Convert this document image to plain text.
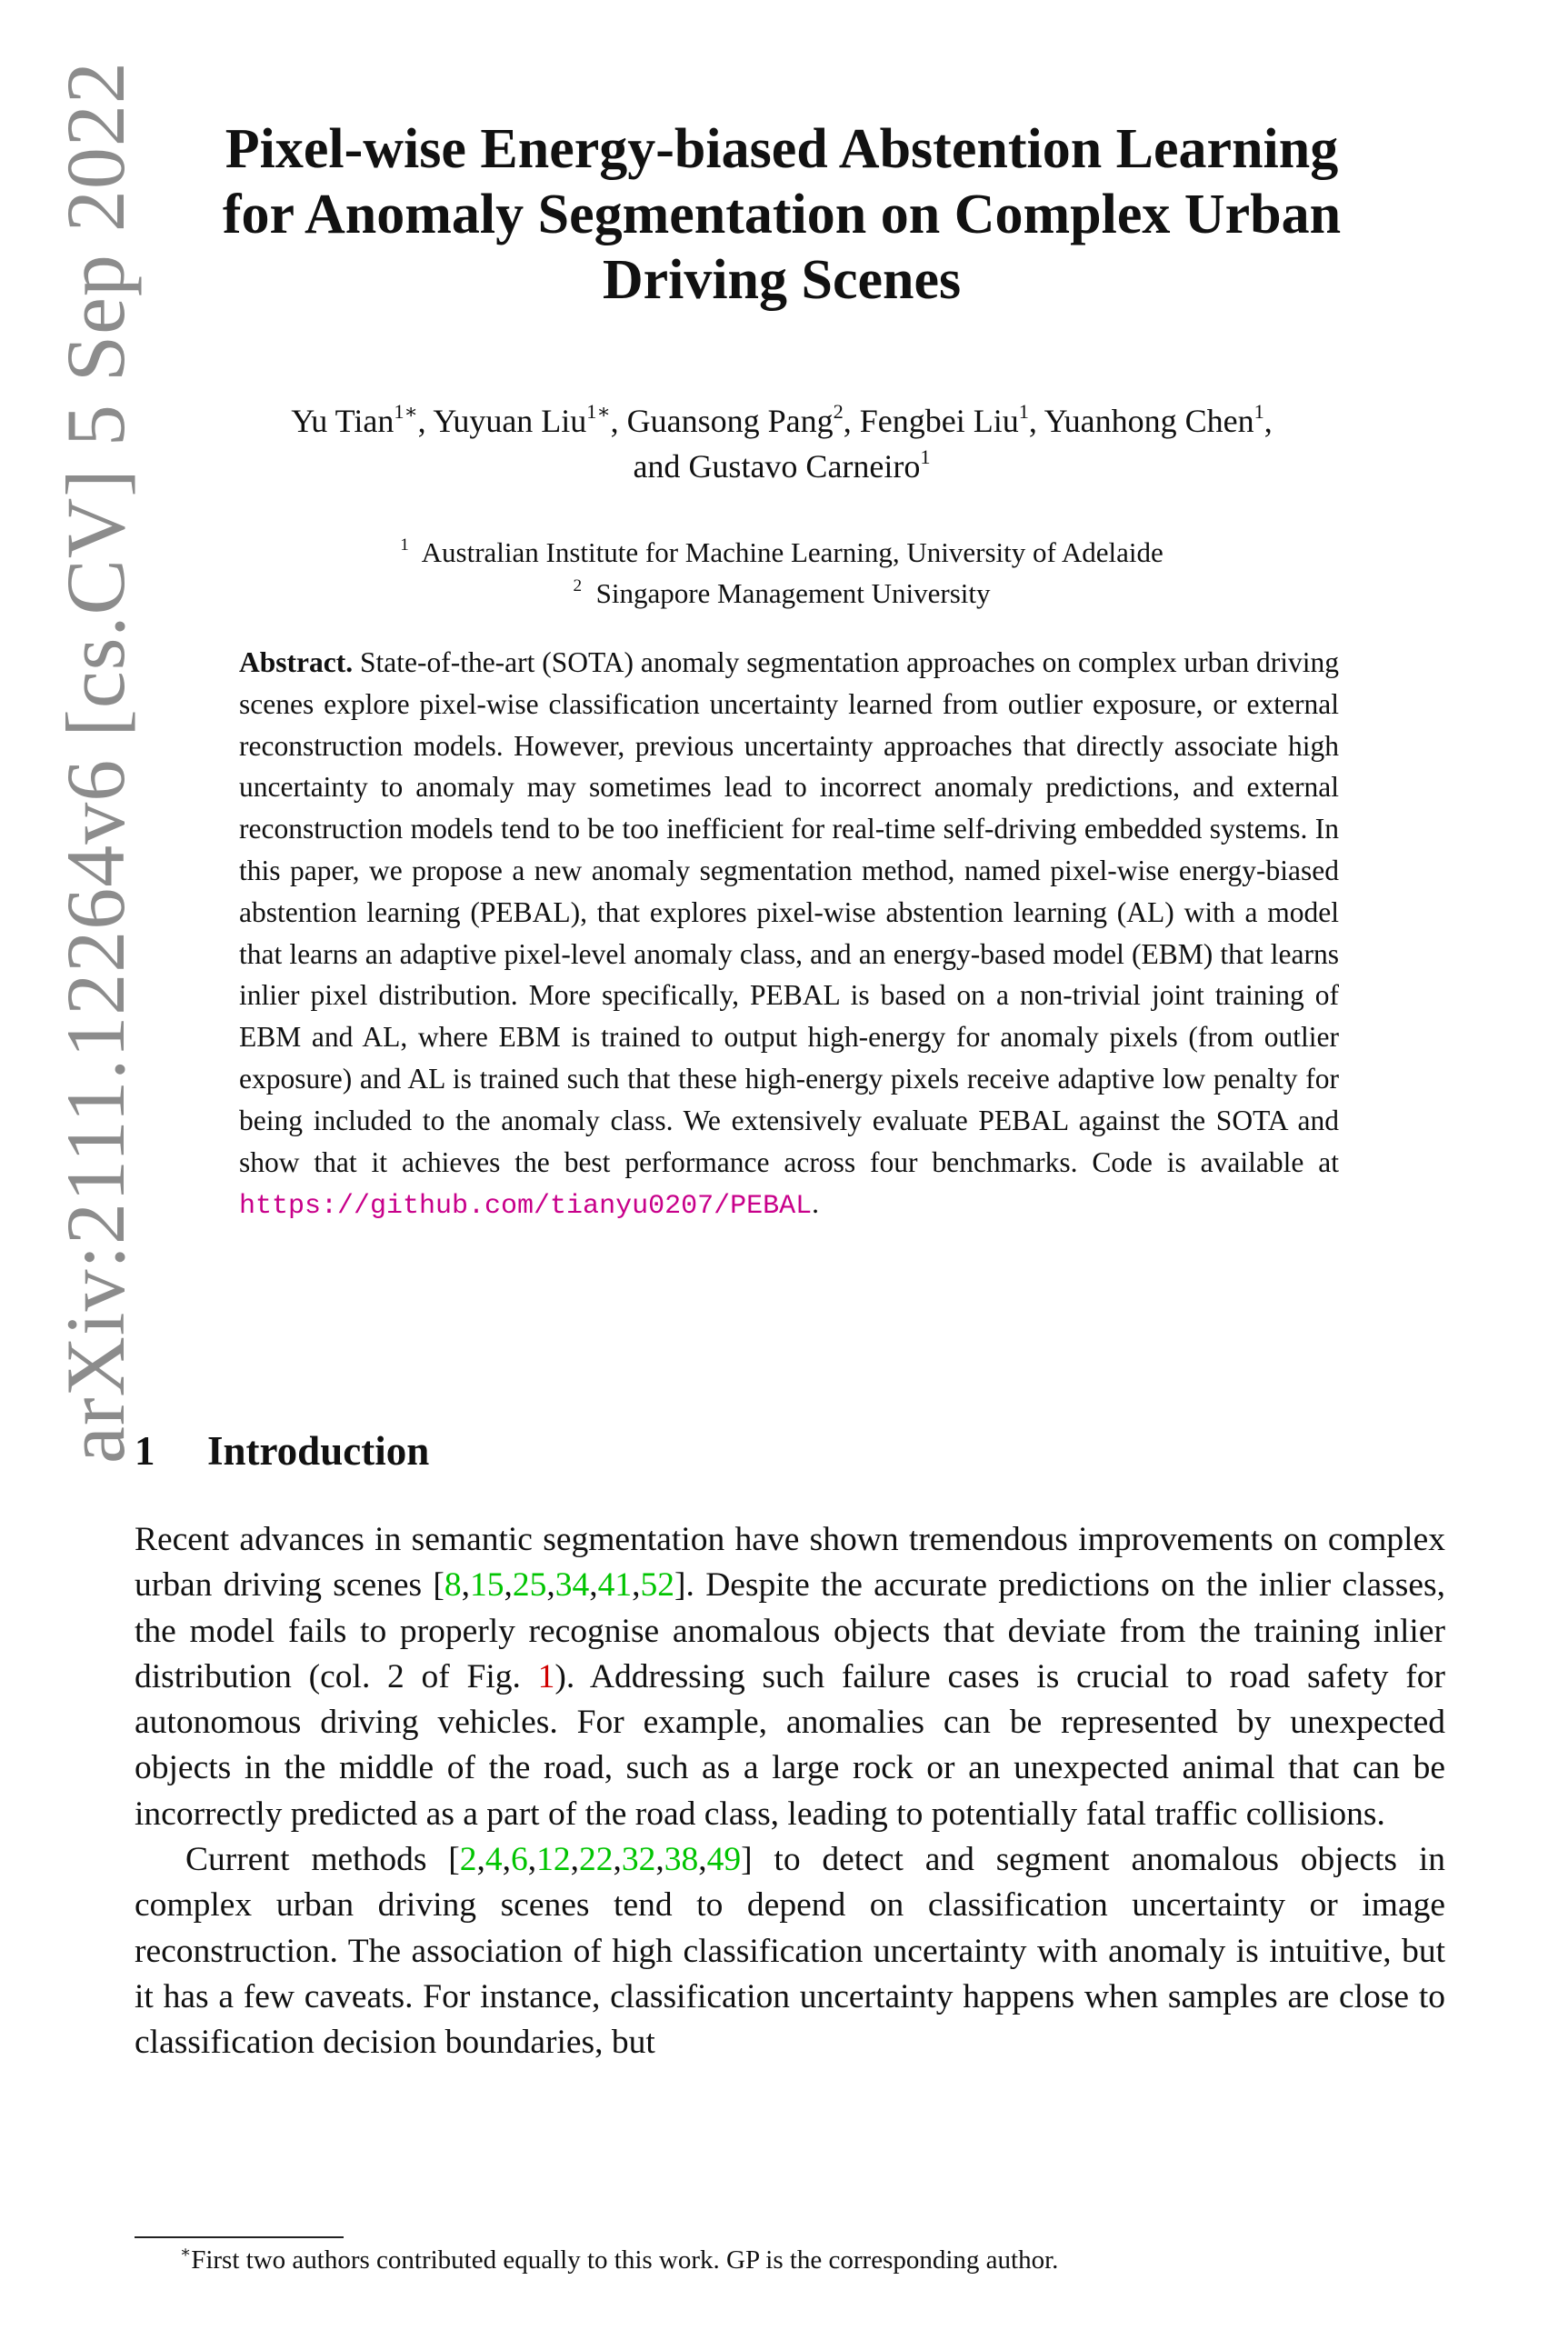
arXiv:2111.12264v6 [cs.CV] 5 Sep 2022	Pixel-wise Energy-biased Abstention Learning
for Anomaly Segmentation on Complex Urban
Driving Scenes
Yu Tian$^{1∗}$, Yuyuan Liu$^{1∗}$, Guansong Pang$^2$, Fengbei Liu$^1$, Yuanhong Chen$^1$,
and Gustavo Carneiro$^1$
$^1$ Australian Institute for Machine Learning, University of Adelaide
$^2$ Singapore Management University
Abstract. State-of-the-art (SOTA) anomaly segmentation approaches on complex urban driving scenes explore pixel-wise classification uncertainty learned from outlier exposure, or external reconstruction models. However, previous uncertainty approaches that directly associate high uncertainty to anomaly may sometimes lead to incorrect anomaly predictions, and external reconstruction models tend to be too inefficient for real-time self-driving embedded systems. In this paper, we propose a new anomaly segmentation method, named pixel-wise energy-biased abstention learning (PEBAL), that explores pixel-wise abstention learning (AL) with a model that learns an adaptive pixel-level anomaly class, and an energy-based model (EBM) that learns inlier pixel distribution. More specifically, PEBAL is based on a non-trivial joint training of EBM and AL, where EBM is trained to output high-energy for anomaly pixels (from outlier exposure) and AL is trained such that these high-energy pixels receive adaptive low penalty for being included to the anomaly class. We extensively evaluate PEBAL against the SOTA and show that it achieves the best performance across four benchmarks. Code is available at https://github.com/tianyu0207/PEBAL.
1 Introduction

Recent advances in semantic segmentation have shown tremendous improvements on complex urban driving scenes [8,15,25,34,41,52]. Despite the accurate predictions on the inlier classes, the model fails to properly recognise anomalous objects that deviate from the training inlier distribution (col. 2 of Fig. 1). Addressing such failure cases is crucial to road safety for autonomous driving vehicles. For example, anomalies can be represented by unexpected objects in the middle of the road, such as a large rock or an unexpected animal that can be incorrectly predicted as a part of the road class, leading to potentially fatal traffic collisions.

Current methods [2,4,6,12,22,32,38,49] to detect and segment anomalous objects in complex urban driving scenes tend to depend on classification uncertainty or image reconstruction. The association of high classification uncertainty with anomaly is intuitive, but it has a few caveats. For instance, classification uncertainty happens when samples are close to classification decision boundaries, but

∗First two authors contributed equally to this work. GP is the corresponding author.
